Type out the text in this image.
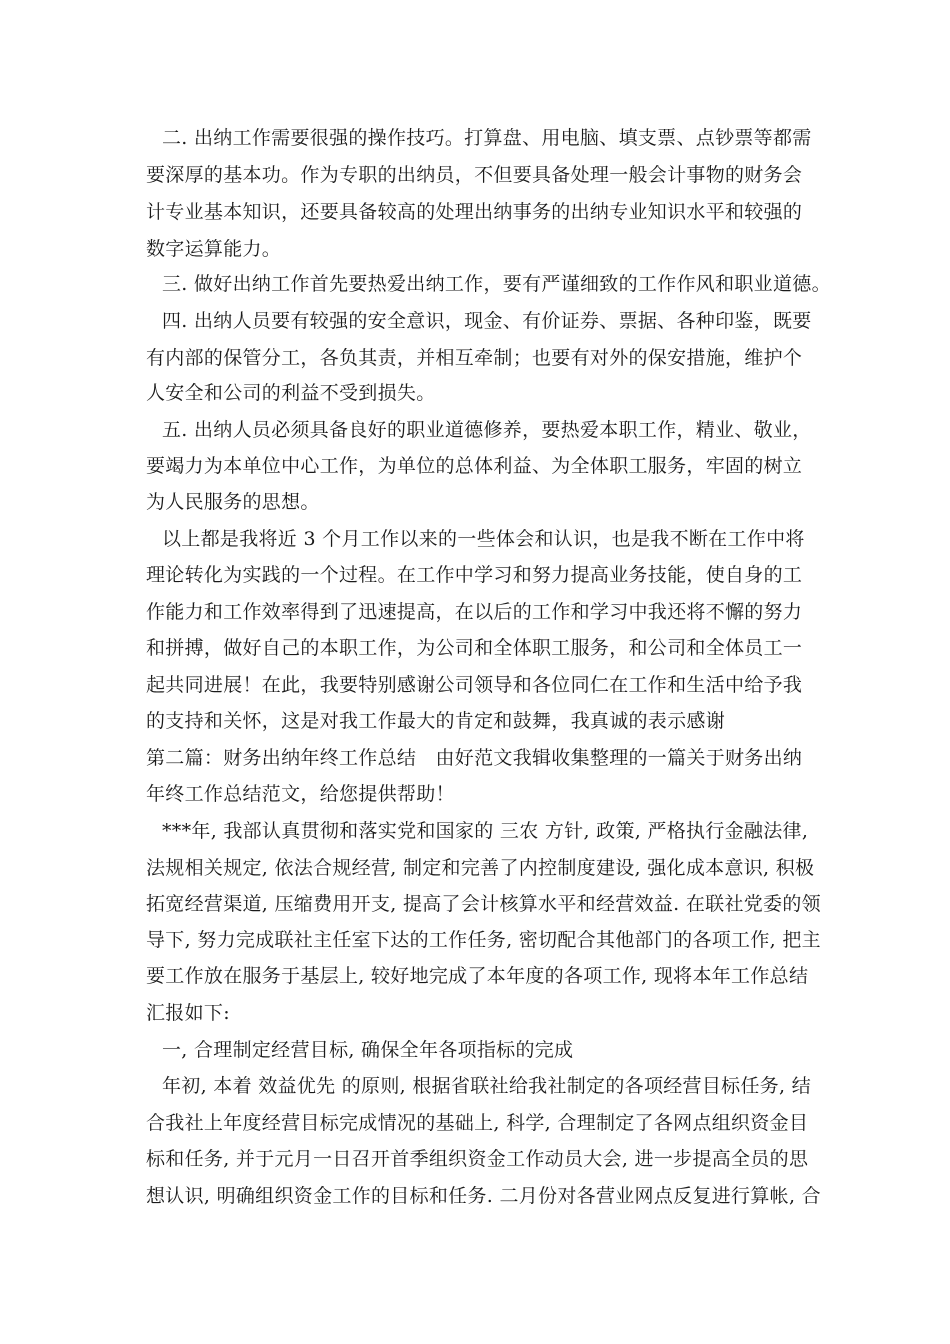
二. 出纳工作需要很强的操作技巧。打算盘、用电脑、填支票、点钞票等都需
要深厚的基本功。作为专职的出纳员，不但要具备处理一般会计事物的财务会
计专业基本知识，还要具备较高的处理出纳事务的出纳专业知识水平和较强的
数字运算能力。
三. 做好出纳工作首先要热爱出纳工作，要有严谨细致的工作作风和职业道德。
四. 出纳人员要有较强的安全意识，现金、有价证券、票据、各种印鉴，既要
有内部的保管分工，各负其责，并相互牵制；也要有对外的保安措施，维护个
人安全和公司的利益不受到损失。
五. 出纳人员必须具备良好的职业道德修养，要热爱本职工作，精业、敬业，
要竭力为本单位中心工作，为单位的总体利益、为全体职工服务，牢固的树立
为人民服务的思想。
以上都是我将近 3 个月工作以来的一些体会和认识，也是我不断在工作中将
理论转化为实践的一个过程。在工作中学习和努力提高业务技能，使自身的工
作能力和工作效率得到了迅速提高，在以后的工作和学习中我还将不懈的努力
和拼搏，做好自己的本职工作，为公司和全体职工服务，和公司和全体员工一
起共同进展！在此，我要特别感谢公司领导和各位同仁在工作和生活中给予我
的支持和关怀，这是对我工作最大的肯定和鼓舞，我真诚的表示感谢
第二篇：财务出纳年终工作总结　由好范文我辑收集整理的一篇关于财务出纳
年终工作总结范文，给您提供帮助！
***年, 我部认真贯彻和落实党和国家的 三农 方针, 政策, 严格执行金融法律,
法规相关规定, 依法合规经营, 制定和完善了内控制度建设, 强化成本意识, 积极
拓宽经营渠道, 压缩费用开支, 提高了会计核算水平和经营效益. 在联社党委的领
导下, 努力完成联社主任室下达的工作任务, 密切配合其他部门的各项工作, 把主
要工作放在服务于基层上, 较好地完成了本年度的各项工作, 现将本年工作总结
汇报如下:
一, 合理制定经营目标, 确保全年各项指标的完成
年初, 本着 效益优先 的原则, 根据省联社给我社制定的各项经营目标任务, 结
合我社上年度经营目标完成情况的基础上, 科学, 合理制定了各网点组织资金目
标和任务, 并于元月一日召开首季组织资金工作动员大会, 进一步提高全员的思
想认识, 明确组织资金工作的目标和任务. 二月份对各营业网点反复进行算帐, 合
